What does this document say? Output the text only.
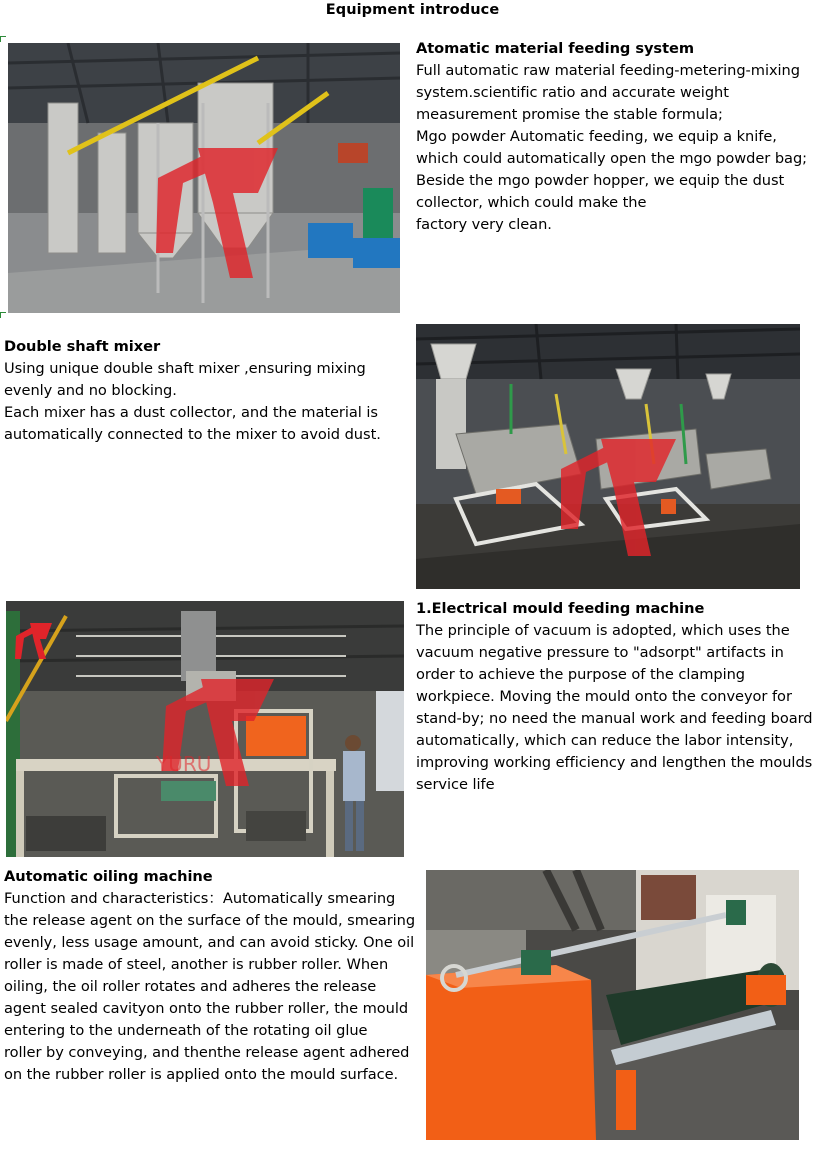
Equipment introduce
Atomatic material feeding system
Full automatic raw material feeding-metering-mixing
system.scientific ratio and accurate weight
measurement promise the stable formula;
Mgo powder Automatic feeding, we equip a knife,
which could automatically open the mgo powder bag;
Beside the mgo powder hopper, we equip the dust
collector, which could make the
factory very clean.
Double shaft mixer
Using unique double shaft mixer ,ensuring mixing
evenly and no blocking.
Each mixer has a dust collector, and the material is
automatically connected to the mixer to avoid dust.
YURU
1.Electrical mould feeding machine
The principle of vacuum is adopted, which uses the
vacuum negative pressure to "adsorpt" artifacts in
order to achieve the purpose of the clamping
workpiece. Moving the mould onto the conveyor for
stand-by; no need the manual work and feeding board
automatically, which can reduce the labor intensity,
improving working efficiency and lengthen the moulds
service life
Automatic oiling machine
Function and characteristics：Automatically smearing
the release agent on the surface of the mould, smearing
evenly, less usage amount, and can avoid sticky. One oil
roller is made of steel, another is rubber roller. When
oiling, the oil roller rotates and adheres the release
agent sealed cavityon onto the rubber roller, the mould
entering to the underneath of the rotating oil glue
roller by conveying, and thenthe release agent adhered
on the rubber roller is applied onto the mould surface.
